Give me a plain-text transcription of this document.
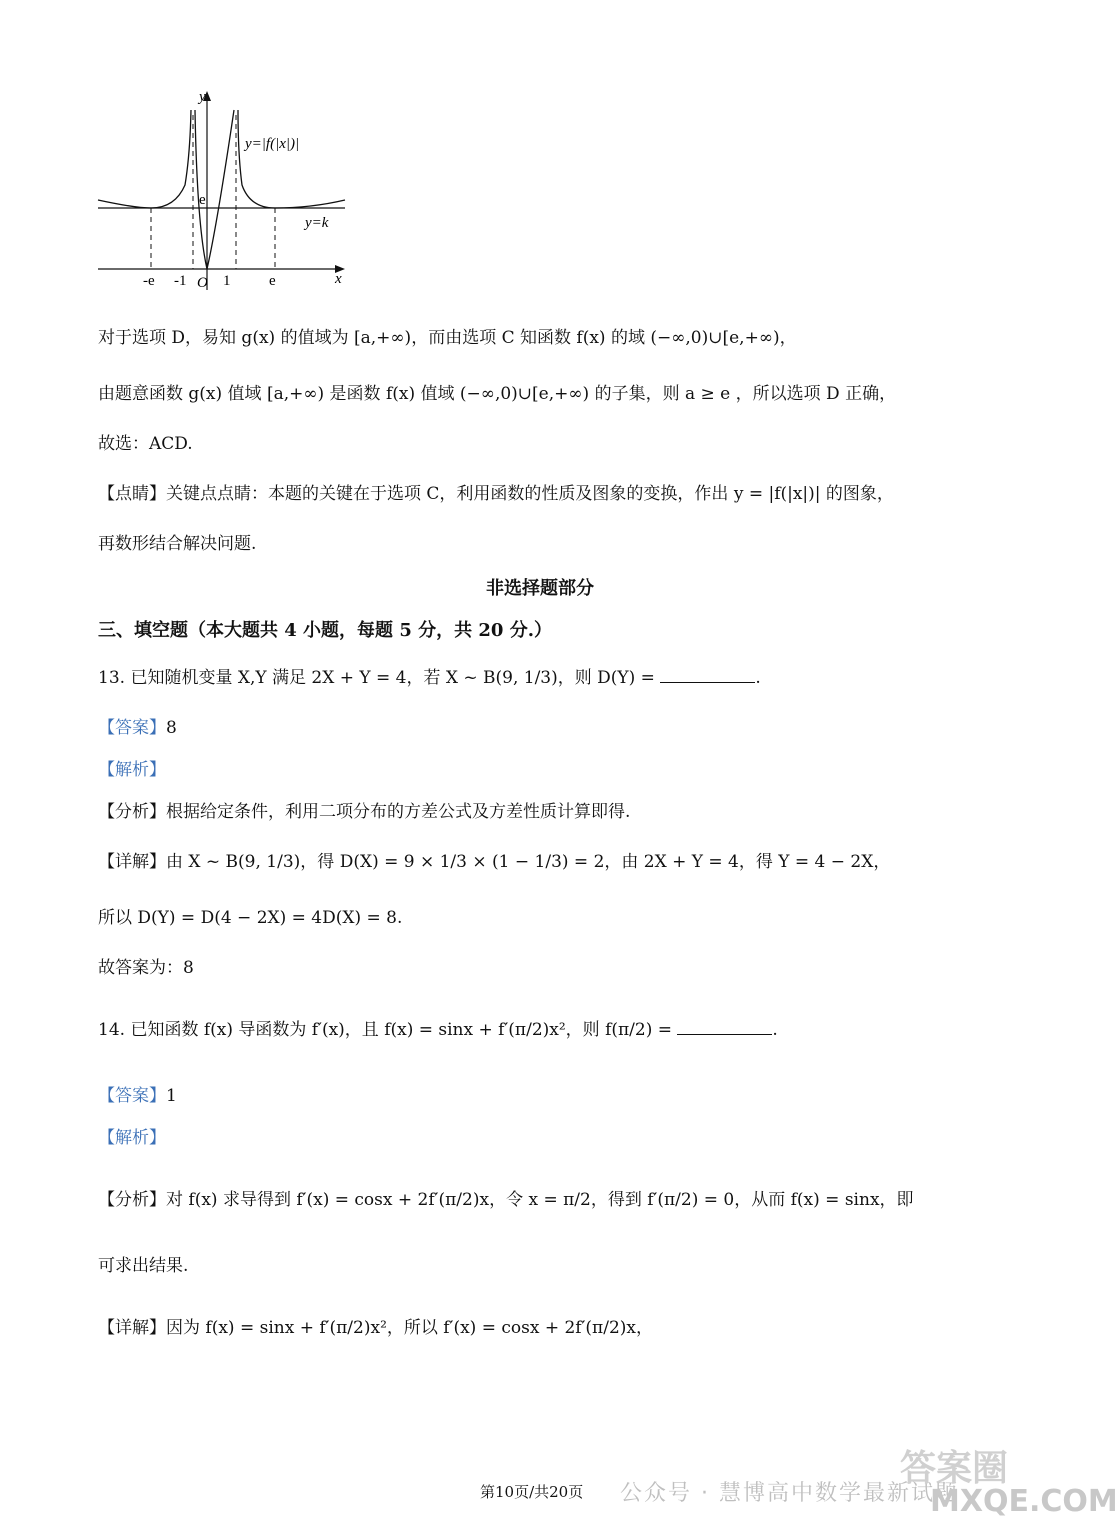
y
x
y=|f(|x|)|
y=k
e
O
-e -1 1	e
对于选项 D，易知 g(x) 的值域为 [a,+∞)，而由选项 C 知函数 f(x) 的域 (−∞,0)∪[e,+∞)，
由题意函数 g(x) 值域 [a,+∞) 是函数 f(x) 值域 (−∞,0)∪[e,+∞) 的子集，则 a ≥ e ，所以选项 D 正确，
故选：ACD.
【点睛】关键点点睛：本题的关键在于选项 C，利用函数的性质及图象的变换，作出 y = |f(|x|)| 的图象，
再数形结合解决问题.
非选择题部分
三、填空题（本大题共 4 小题，每题 5 分，共 20 分.）
13. 已知随机变量 X,Y 满足 2X + Y = 4，若 X ~ B(9, 1/3)，则 D(Y) =	.
【答案】8
【解析】
【分析】根据给定条件，利用二项分布的方差公式及方差性质计算即得.
【详解】由 X ~ B(9, 1/3)，得 D(X) = 9 × 1/3 × (1 − 1/3) = 2，由 2X + Y = 4，得 Y = 4 − 2X，
所以 D(Y) = D(4 − 2X) = 4D(X) = 8.
故答案为：8
14. 已知函数 f(x) 导函数为 f′(x)，且 f(x) = sinx + f′(π/2)x²，则 f(π/2) =	.
【答案】1
【解析】
【分析】对 f(x) 求导得到 f′(x) = cosx + 2f′(π/2)x，令 x = π/2，得到 f′(π/2) = 0，从而 f(x) = sinx，即
可求出结果.
【详解】因为 f(x) = sinx + f′(π/2)x²，所以 f′(x) = cosx + 2f′(π/2)x，
第10页/共20页 公众号 · 慧博高中数学最新试题
答案圈
MXQE.COM
